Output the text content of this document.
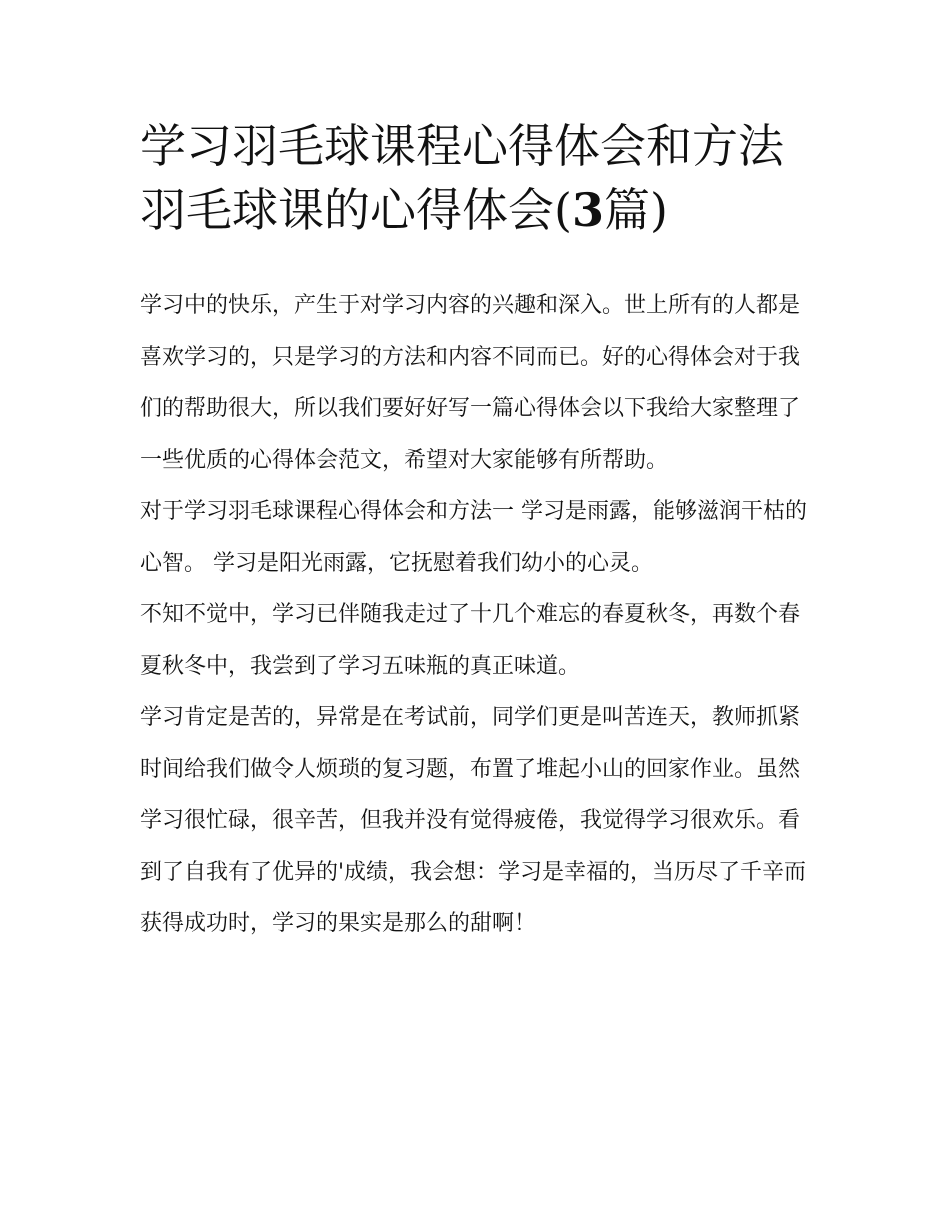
学习羽毛球课程心得体会和方法 羽毛球课的心得体会(3篇)

学习中的快乐，产生于对学习内容的兴趣和深入。世上所有的人都是喜欢学习的，只是学习的方法和内容不同而已。好的心得体会对于我们的帮助很大，所以我们要好好写一篇心得体会以下我给大家整理了一些优质的心得体会范文，希望对大家能够有所帮助。

对于学习羽毛球课程心得体会和方法一 学习是雨露，能够滋润干枯的心智。 学习是阳光雨露，它抚慰着我们幼小的心灵。

不知不觉中，学习已伴随我走过了十几个难忘的春夏秋冬，再数个春夏秋冬中，我尝到了学习五味瓶的真正味道。

学习肯定是苦的，异常是在考试前，同学们更是叫苦连天，教师抓紧时间给我们做令人烦琐的复习题，布置了堆起小山的回家作业。虽然学习很忙碌，很辛苦，但我并没有觉得疲倦，我觉得学习很欢乐。看到了自我有了优异的'成绩，我会想：学习是幸福的，当历尽了千辛而获得成功时，学习的果实是那么的甜啊！
